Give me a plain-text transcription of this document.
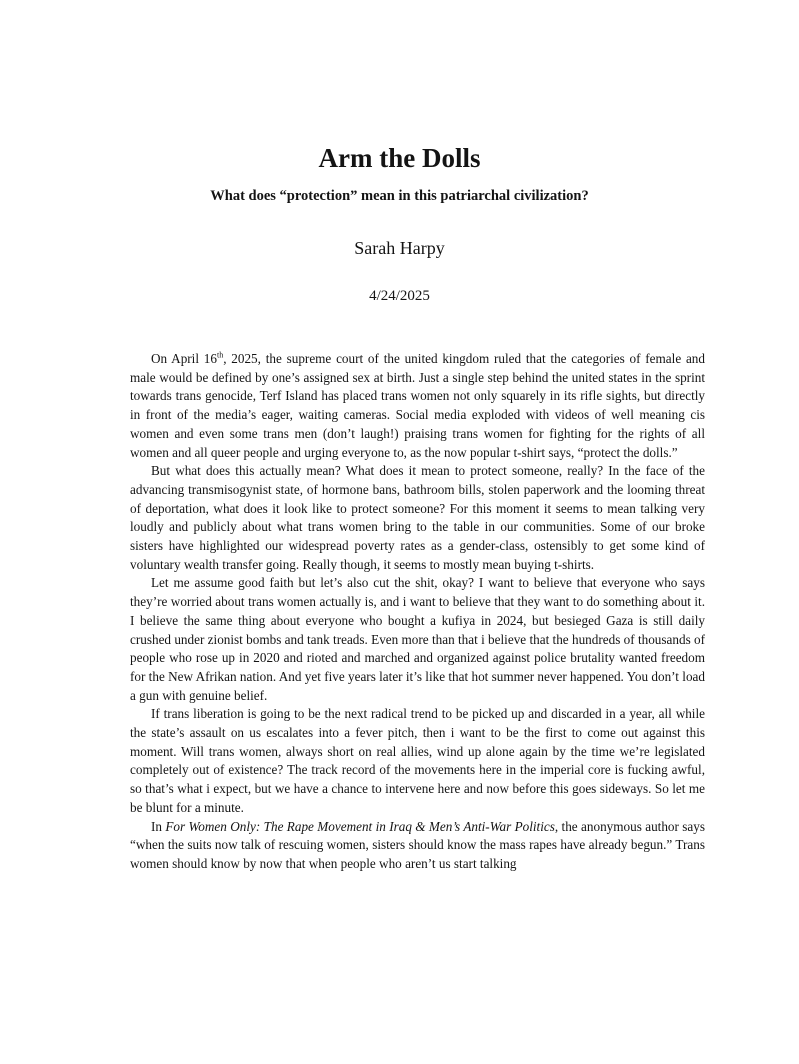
Arm the Dolls
What does “protection” mean in this patriarchal civilization?
Sarah Harpy
4/24/2025

On April 16th, 2025, the supreme court of the united kingdom ruled that the categories of female and male would be defined by one’s assigned sex at birth. Just a single step behind the united states in the sprint towards trans genocide, Terf Island has placed trans women not only squarely in its rifle sights, but directly in front of the media’s eager, waiting cameras. Social media exploded with videos of well meaning cis women and even some trans men (don’t laugh!) praising trans women for fighting for the rights of all women and all queer people and urging everyone to, as the now popular t-shirt says, “protect the dolls.”

But what does this actually mean? What does it mean to protect someone, really? In the face of the advancing transmisogynist state, of hormone bans, bathroom bills, stolen paperwork and the looming threat of deportation, what does it look like to protect someone? For this moment it seems to mean talking very loudly and publicly about what trans women bring to the table in our communities. Some of our broke sisters have highlighted our widespread poverty rates as a gender-class, ostensibly to get some kind of voluntary wealth transfer going. Really though, it seems to mostly mean buying t-shirts.

Let me assume good faith but let’s also cut the shit, okay? I want to believe that everyone who says they’re worried about trans women actually is, and i want to believe that they want to do something about it. I believe the same thing about everyone who bought a kufiya in 2024, but besieged Gaza is still daily crushed under zionist bombs and tank treads. Even more than that i believe that the hundreds of thousands of people who rose up in 2020 and rioted and marched and organized against police brutality wanted freedom for the New Afrikan nation. And yet five years later it’s like that hot summer never happened. You don’t load a gun with genuine belief.

If trans liberation is going to be the next radical trend to be picked up and discarded in a year, all while the state’s assault on us escalates into a fever pitch, then i want to be the first to come out against this moment. Will trans women, always short on real allies, wind up alone again by the time we’re legislated completely out of existence? The track record of the movements here in the imperial core is fucking awful, so that’s what i expect, but we have a chance to intervene here and now before this goes sideways. So let me be blunt for a minute.

In For Women Only: The Rape Movement in Iraq & Men’s Anti-War Politics, the anonymous author says “when the suits now talk of rescuing women, sisters should know the mass rapes have already begun.” Trans women should know by now that when people who aren’t us start talking
